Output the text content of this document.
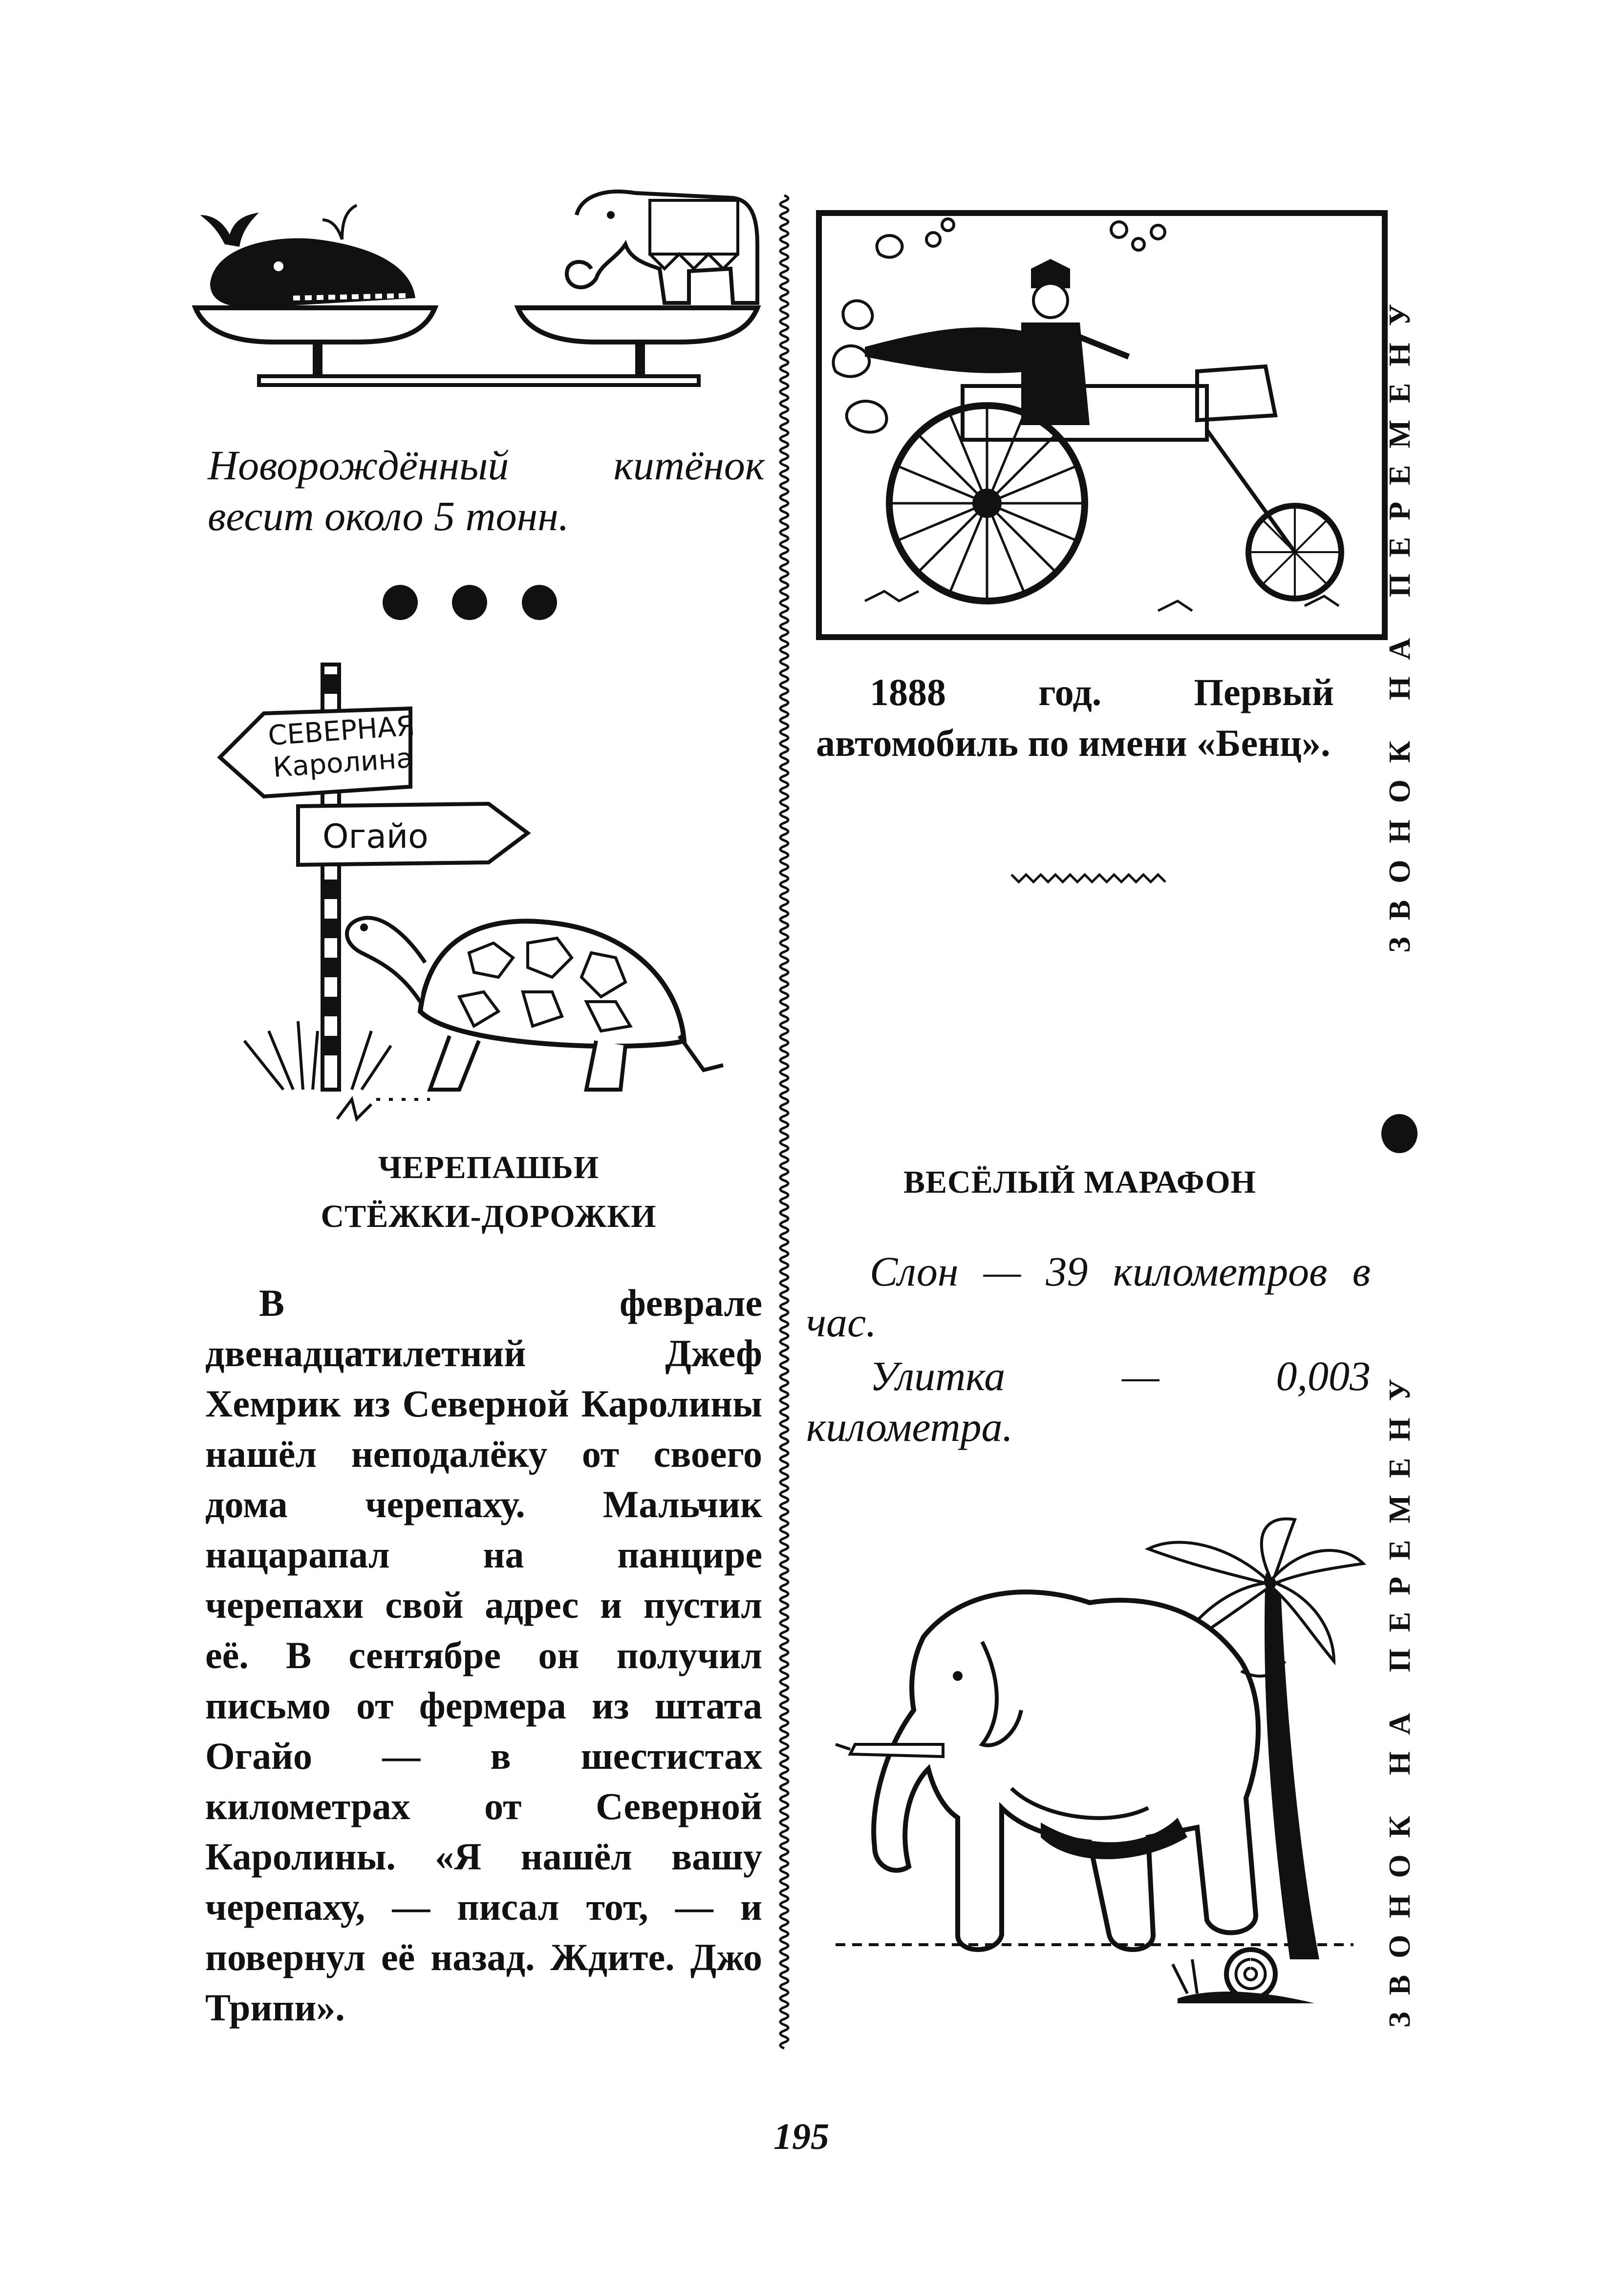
Новорождённый китёнок весит около 5 тонн.
СЕВЕРНАЯ
Каролина
Огайо
ЧЕРЕПАШЬИ
СТЁЖКИ-ДОРОЖКИ

В феврале двенадцатилетний Джеф Хемрик из Северной Каролины нашёл неподалёку от своего дома черепаху. Мальчик нацарапал на панцире черепахи свой адрес и пустил её. В сентябре он получил письмо от фермера из штата Огайо — в шестистах километрах от Северной Каролины. «Я нашёл вашу черепаху, — писал тот, — и повернул её назад. Ждите. Джо Трипи».

1888 год. Первый автомобиль по имени «Бенц».
ВЕСЁЛЫЙ МАРАФОН

Слон — 39 километров в час.

Улитка — 0,003 километра.

ЗВОНОК НА ПЕРЕМЕНУ
ЗВОНОК НА ПЕРЕМЕНУ
195
